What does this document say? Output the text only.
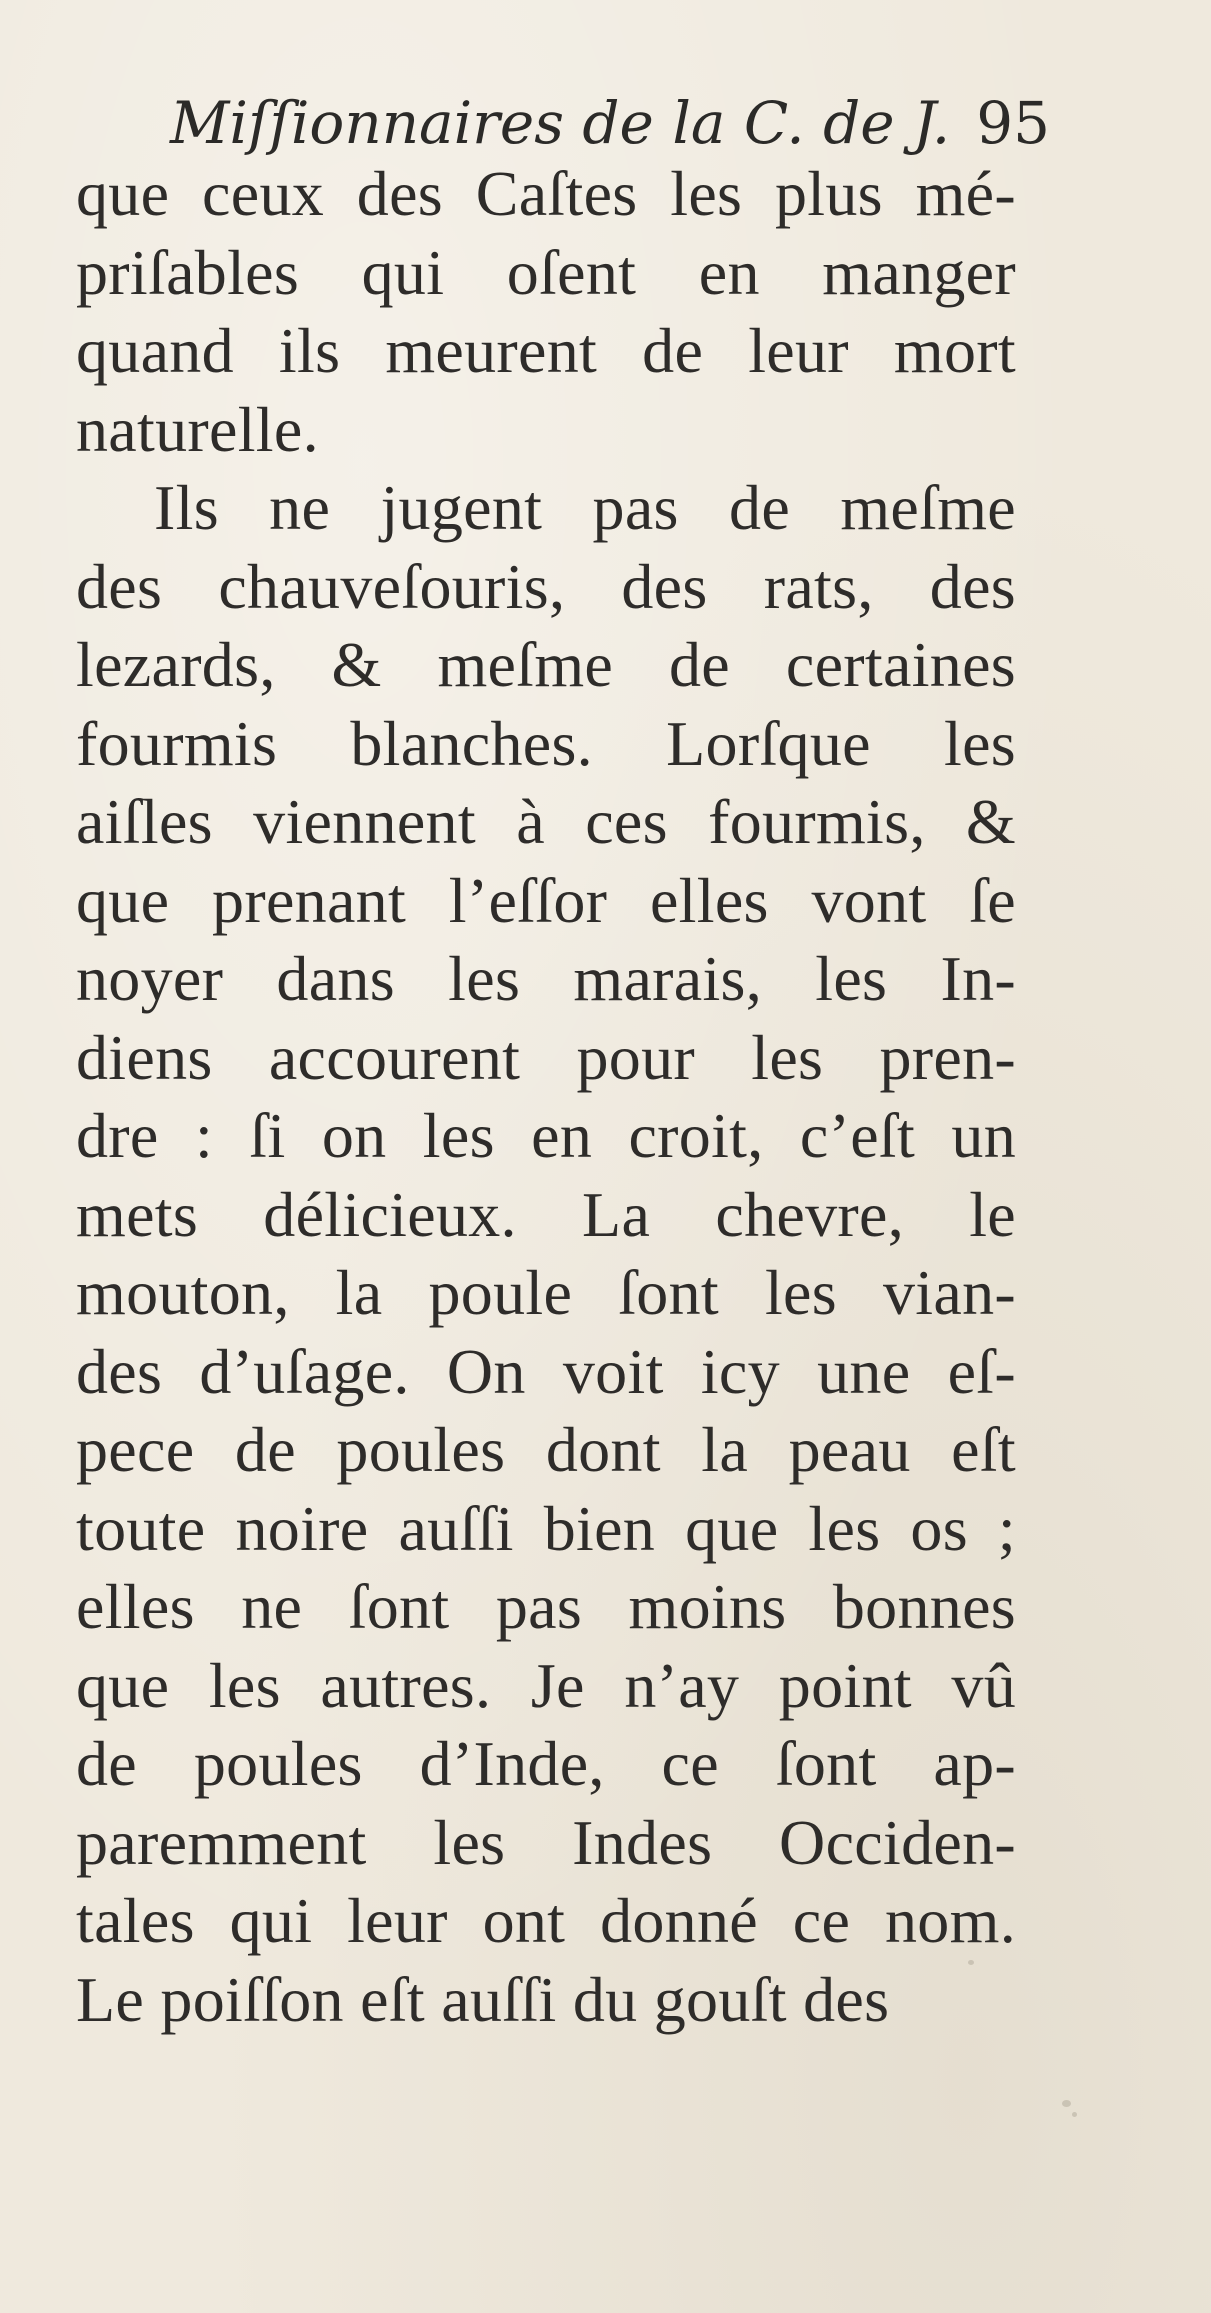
Miſſionnaires de la C. de J. 95
que ceux des Caſtes les plus mé-
priſables qui oſent en manger
quand ils meurent de leur mort
naturelle.
Ils ne jugent pas de meſme
des chauveſouris, des rats, des
lezards, & meſme de certaines
fourmis blanches. Lorſque les
aiſles viennent à ces fourmis, &
que prenant l’eſſor elles vont ſe
noyer dans les marais, les In-
diens accourent pour les pren-
dre : ſi on les en croit, c’eſt un
mets délicieux. La chevre, le
mouton, la poule ſont les vian-
des d’uſage. On voit icy une eſ-
pece de poules dont la peau eſt
toute noire auſſi bien que les os ;
elles ne ſont pas moins bonnes
que les autres. Je n’ay point vû
de poules d’Inde, ce ſont ap-
paremment les Indes Occiden-
tales qui leur ont donné ce nom.
Le poiſſon eſt auſſi du gouſt des
